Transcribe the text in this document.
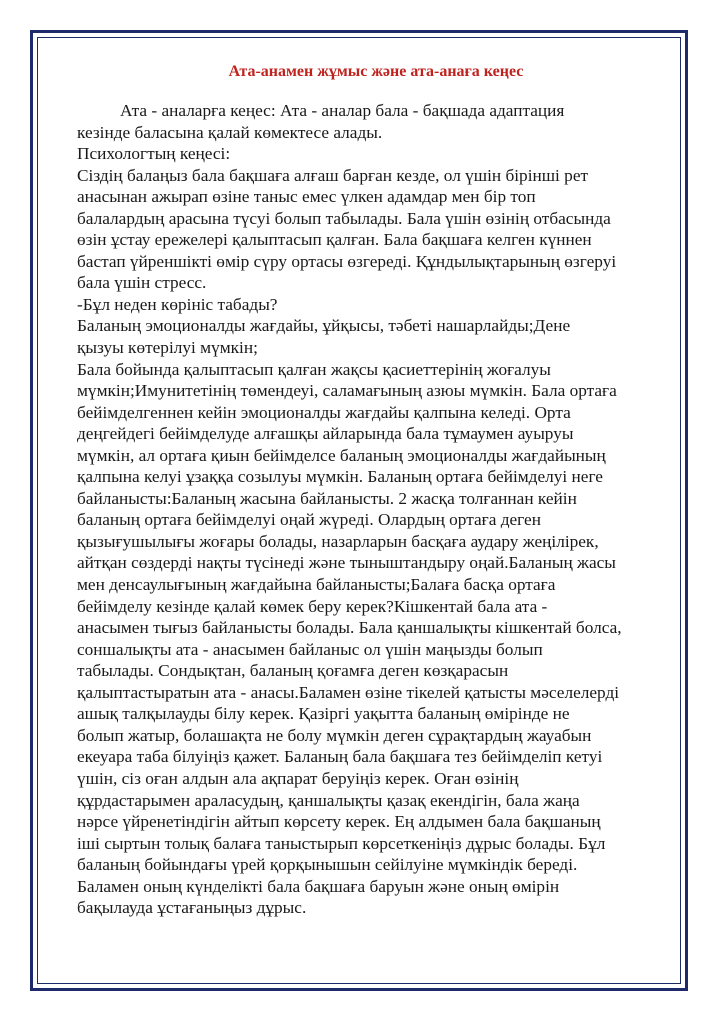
Ата-анамен жұмыс және ата-анаға кеңес

Ата - аналарға кеңес: Ата - аналар бала - бақшада адаптация

кезінде баласына қалай көмектесе алады.

Психологтың кеңесі:

Сіздің балаңыз бала бақшаға алғаш барған кезде, ол үшін бірінші рет

анасынан ажырап өзіне таныс емес үлкен адамдар мен бір топ

балалардың арасына түсуі болып табылады. Бала үшін өзінің отбасында

өзін ұстау ережелері қалыптасып қалған. Бала бақшаға келген күннен

бастап үйреншікті өмір сүру ортасы өзгереді. Құндылықтарының өзгеруі

бала үшін стресс.

-Бұл неден көрініс табады?

Баланың эмоционалды жағдайы, ұйқысы, тәбеті нашарлайды;Дене

қызуы көтерілуі мүмкін;

Бала бойында қалыптасып қалған жақсы қасиеттерінің жоғалуы

мүмкін;Имунитетінің төмендеуі, саламағының азюы мүмкін. Бала ортаға

бейімделгеннен кейін эмоционалды жағдайы қалпына келеді. Орта

деңгейдегі бейімделуде алғашқы айларында бала тұмаумен ауыруы

мүмкін, ал ортаға қиын бейімделсе баланың эмоционалды жағдайының

қалпына келуі ұзаққа созылуы мүмкін. Баланың ортаға бейімделуі неге

байланысты:Баланың жасына байланысты. 2 жасқа толғаннан кейін

баланың ортаға бейімделуі оңай жүреді. Олардың ортаға деген

қызығушылығы жоғары болады, назарларын басқаға аудару жеңілірек,

айтқан сөздерді нақты түсінеді және тыныштандыру оңай.Баланың жасы

мен денсаулығының жағдайына байланысты;Балаға басқа ортаға

бейімделу кезінде қалай көмек беру керек?Кішкентай бала ата -

анасымен тығыз байланысты болады. Бала қаншалықты кішкентай болса,

соншалықты ата - анасымен байланыс ол үшін маңызды болып

табылады. Сондықтан, баланың қоғамға деген көзқарасын

қалыптастыратын ата - анасы.Баламен өзіне тікелей қатысты мәселелерді

ашық талқылауды білу керек. Қазіргі уақытта баланың өмірінде не

болып жатыр, болашақта не болу мүмкін деген сұрақтардың жауабын

екеуара таба білуіңіз қажет. Баланың бала бақшаға тез бейімделіп кетуі

үшін, сіз оған алдын ала ақпарат беруіңіз керек. Оған өзінің

құрдастарымен араласудың, қаншалықты қазақ екендігін, бала жаңа

нәрсе үйренетіндігін айтып көрсету керек. Ең алдымен бала бақшаның

іші сыртын толық балаға таныстырып көрсеткеніңіз дұрыс болады. Бұл

баланың бойындағы үрей қорқынышын сейілуіне мүмкіндік береді.

Баламен оның күнделікті бала бақшаға баруын және оның өмірін

бақылауда ұстағаныңыз дұрыс.
